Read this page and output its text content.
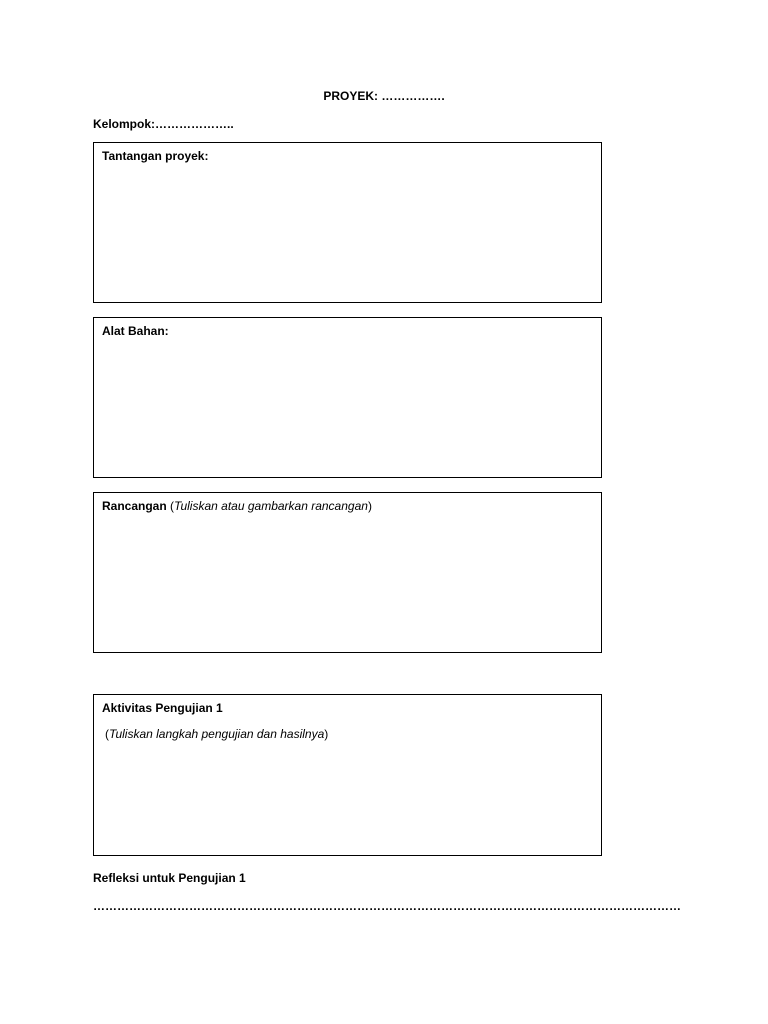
PROYEK: …………….
Kelompok:………………..
Tantangan proyek:
Alat Bahan:
Rancangan (Tuliskan atau gambarkan rancangan)
Aktivitas Pengujian 1
(Tuliskan langkah pengujian dan hasilnya)
Refleksi untuk Pengujian 1
…………………………………………………………………………………………………………………………………
